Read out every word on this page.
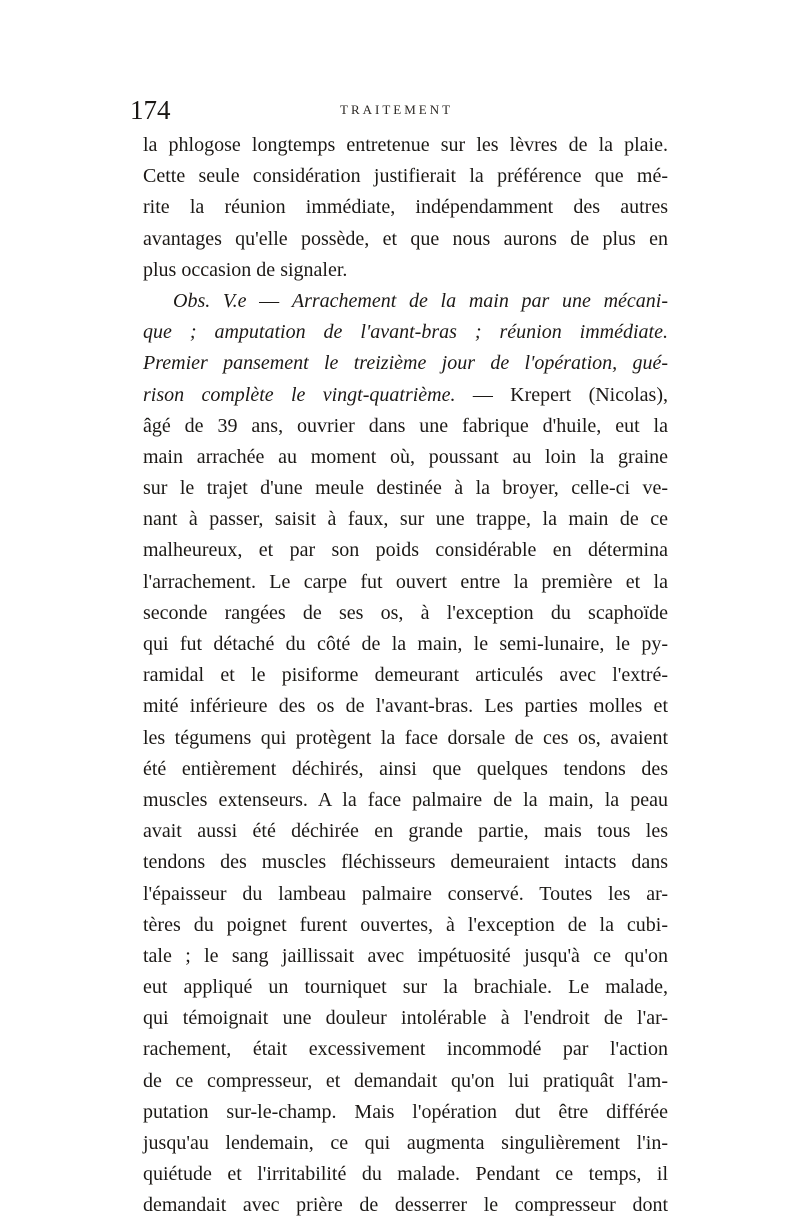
174	TRAITEMENT
la phlogose longtemps entretenue sur les lèvres de la plaie.
Cette seule considération justifierait la préférence que mé-
rite la réunion immédiate, indépendamment des autres
avantages qu'elle possède, et que nous aurons de plus en
plus occasion de signaler.
Obs. V.e — Arrachement de la main par une mécani-
que ; amputation de l'avant-bras ; réunion immédiate.
Premier pansement le treizième jour de l'opération, gué-
rison complète le vingt-quatrième. — Krepert (Nicolas),
âgé de 39 ans, ouvrier dans une fabrique d'huile, eut la
main arrachée au moment où, poussant au loin la graine
sur le trajet d'une meule destinée à la broyer, celle-ci ve-
nant à passer, saisit à faux, sur une trappe, la main de ce
malheureux, et par son poids considérable en détermina
l'arrachement. Le carpe fut ouvert entre la première et la
seconde rangées de ses os, à l'exception du scaphoïde
qui fut détaché du côté de la main, le semi-lunaire, le py-
ramidal et le pisiforme demeurant articulés avec l'extré-
mité inférieure des os de l'avant-bras. Les parties molles et
les tégumens qui protègent la face dorsale de ces os, avaient
été entièrement déchirés, ainsi que quelques tendons des
muscles extenseurs. A la face palmaire de la main, la peau
avait aussi été déchirée en grande partie, mais tous les
tendons des muscles fléchisseurs demeuraient intacts dans
l'épaisseur du lambeau palmaire conservé. Toutes les ar-
tères du poignet furent ouvertes, à l'exception de la cubi-
tale ; le sang jaillissait avec impétuosité jusqu'à ce qu'on
eut appliqué un tourniquet sur la brachiale. Le malade,
qui témoignait une douleur intolérable à l'endroit de l'ar-
rachement, était excessivement incommodé par l'action
de ce compresseur, et demandait qu'on lui pratiquât l'am-
putation sur-le-champ. Mais l'opération dut être différée
jusqu'au lendemain, ce qui augmenta singulièrement l'in-
quiétude et l'irritabilité du malade. Pendant ce temps, il
demandait avec prière de desserrer le compresseur dont
